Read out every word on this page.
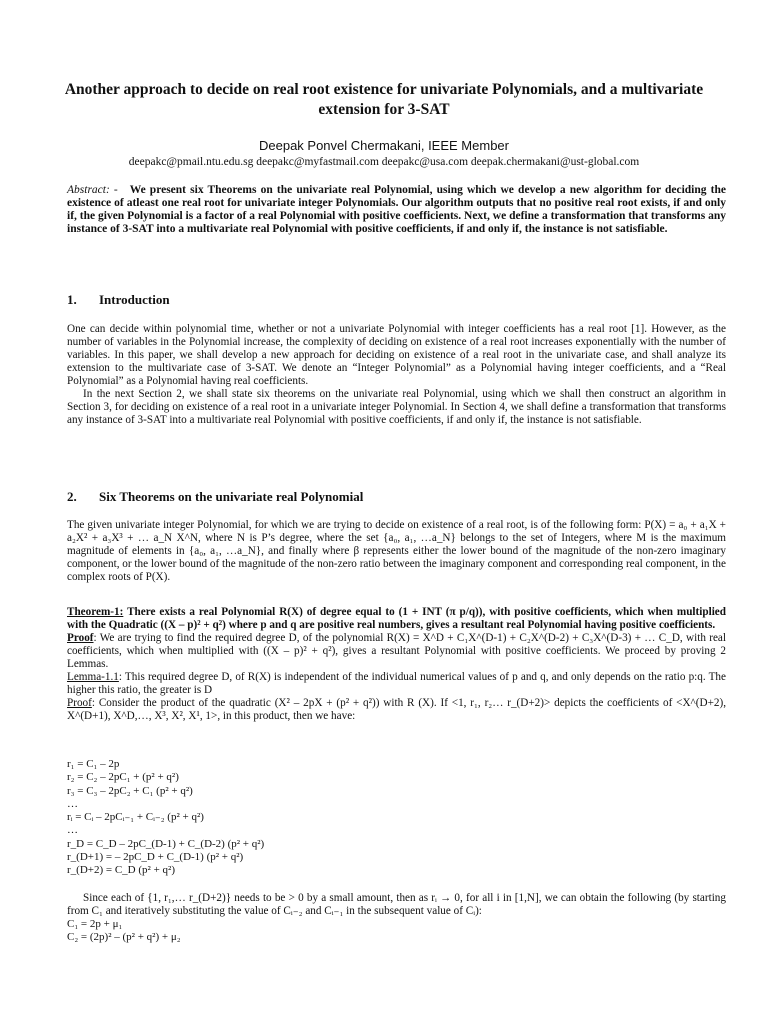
Another approach to decide on real root existence for univariate Polynomials, and a multivariate extension for 3-SAT
Deepak Ponvel Chermakani, IEEE Member
deepakc@pmail.ntu.edu.sg deepakc@myfastmail.com deepakc@usa.com deepak.chermakani@ust-global.com
Abstract: - We present six Theorems on the univariate real Polynomial, using which we develop a new algorithm for deciding the existence of atleast one real root for univariate integer Polynomials. Our algorithm outputs that no positive real root exists, if and only if, the given Polynomial is a factor of a real Polynomial with positive coefficients. Next, we define a transformation that transforms any instance of 3-SAT into a multivariate real Polynomial with positive coefficients, if and only if, the instance is not satisfiable.
1. Introduction

One can decide within polynomial time, whether or not a univariate Polynomial with integer coefficients has a real root [1]. However, as the number of variables in the Polynomial increase, the complexity of deciding on existence of a real root increases exponentially with the number of variables. In this paper, we shall develop a new approach for deciding on existence of a real root in the univariate case, and shall analyze its extension to the multivariate case of 3-SAT. We denote an “Integer Polynomial” as a Polynomial having integer coefficients, and a “Real Polynomial” as a Polynomial having real coefficients.

In the next Section 2, we shall state six theorems on the univariate real Polynomial, using which we shall then construct an algorithm in Section 3, for deciding on existence of a real root in a univariate integer Polynomial. In Section 4, we shall define a transformation that transforms any instance of 3-SAT into a multivariate real Polynomial with positive coefficients, if and only if, the instance is not satisfiable.

2. Six Theorems on the univariate real Polynomial

The given univariate integer Polynomial, for which we are trying to decide on existence of a real root, is of the following form: P(X) = a₀ + a₁X + a₂X² + a₃X³ + … a_N X^N, where N is P’s degree, where the set {a₀, a₁, …a_N} belongs to the set of Integers, where M is the maximum magnitude of elements in {a₀, a₁, …a_N}, and finally where β represents either the lower bound of the magnitude of the non-zero imaginary component, or the lower bound of the magnitude of the non-zero ratio between the imaginary component and corresponding real component, in the complex roots of P(X).

Theorem-1: There exists a real Polynomial R(X) of degree equal to (1 + INT (π p/q)), with positive coefficients, which when multiplied with the Quadratic ((X – p)² + q²) where p and q are positive real numbers, gives a resultant real Polynomial having positive coefficients.

Proof: We are trying to find the required degree D, of the polynomial R(X) = X^D + C₁X^(D-1) + C₂X^(D-2) + C₃X^(D-3) + … C_D, with real coefficients, which when multiplied with ((X – p)² + q²), gives a resultant Polynomial with positive coefficients. We proceed by proving 2 Lemmas.

Lemma-1.1: This required degree D, of R(X) is independent of the individual numerical values of p and q, and only depends on the ratio p:q. The higher this ratio, the greater is D

Proof: Consider the product of the quadratic (X² – 2pX + (p² + q²)) with R (X). If <1, r₁, r₂… r_(D+2)> depicts the coefficients of <X^(D+2), X^(D+1), X^D,…, X³, X², X¹, 1>, in this product, then we have:

r₁ = C₁ – 2p
r₂ = C₂ – 2pC₁ + (p² + q²)
r₃ = C₃ – 2pC₂ + C₁ (p² + q²)
…
rᵢ = Cᵢ – 2pCᵢ₋₁ + Cᵢ₋₂ (p² + q²)
…
r_D = C_D – 2pC_(D-1) + C_(D-2) (p² + q²)
r_(D+1) = – 2pC_D + C_(D-1) (p² + q²)
r_(D+2) = C_D (p² + q²)

Since each of {1, r₁,… r_(D+2)} needs to be > 0 by a small amount, then as rᵢ → 0, for all i in [1,N], we can obtain the following (by starting from C₁ and iteratively substituting the value of Cᵢ₋₂ and Cᵢ₋₁ in the subsequent value of Cᵢ):

C₁ = 2p + μ₁
C₂ = (2p)² – (p² + q²) + μ₂
